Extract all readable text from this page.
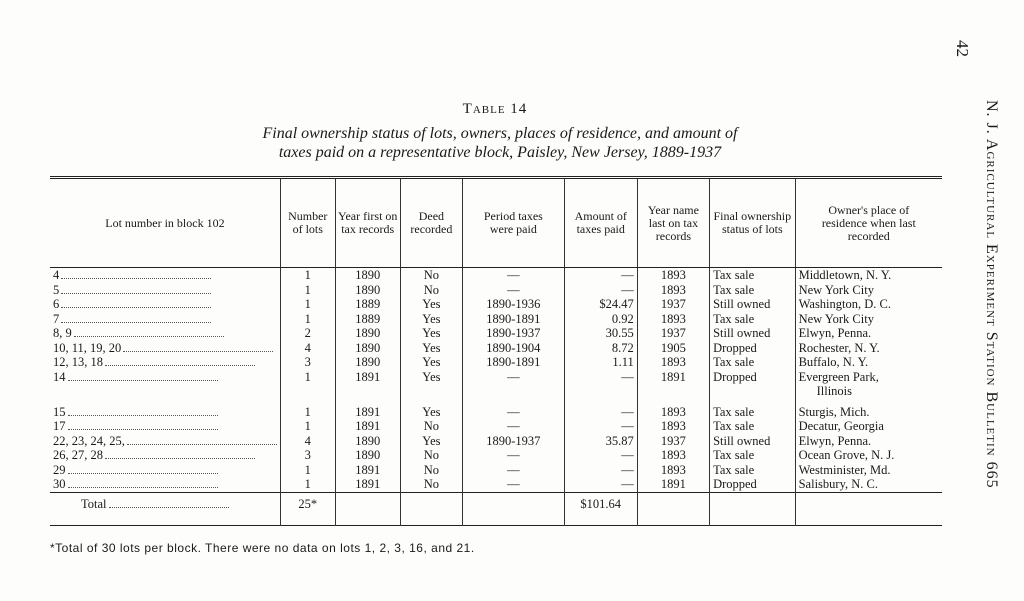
42
N. J. Agricultural Experiment Station Bulletin 665
Table 14
Final ownership status of lots, owners, places of residence, and amount of
taxes paid on a representative block, Paisley, New Jersey, 1889-1937
Lot number in block 102	Number of lots	Year first on tax records	Deed recorded	Period taxes were paid	Amount of taxes paid	Year name last on tax records	Final ownership status of lots	Owner's place of residence when last recorded
4	1	1890	No	—	—	1893	Tax sale	Middletown, N. Y.
5	1	1890	No	—	—	1893	Tax sale	New York City
6	1	1889	Yes	1890-1936	$24.47	1937	Still owned	Washington, D. C.
7	1	1889	Yes	1890-1891	0.92	1893	Tax sale	New York City
8, 9	2	1890	Yes	1890-1937	30.55	1937	Still owned	Elwyn, Penna.
10, 11, 19, 20	4	1890	Yes	1890-1904	8.72	1905	Dropped	Rochester, N. Y.
12, 13, 18	3	1890	Yes	1890-1891	1.11	1893	Tax sale	Buffalo, N. Y.
14	1	1891	Yes	—	—	1891	Dropped	Evergreen Park,
Illinois

15	1	1891	Yes	—	—	1893	Tax sale	Sturgis, Mich.
17	1	1891	No	—	—	1893	Tax sale	Decatur, Georgia
22, 23, 24, 25,	4	1890	Yes	1890-1937	35.87	1937	Still owned	Elwyn, Penna.
26, 27, 28	3	1890	No	—	—	1893	Tax sale	Ocean Grove, N. J.
29	1	1891	No	—	—	1893	Tax sale	Westminister, Md.
30	1	1891	No	—	—	1891	Dropped	Salisbury, N. C.
Total	25*				$101.64			
*Total of 30 lots per block. There were no data on lots 1, 2, 3, 16, and 21.
